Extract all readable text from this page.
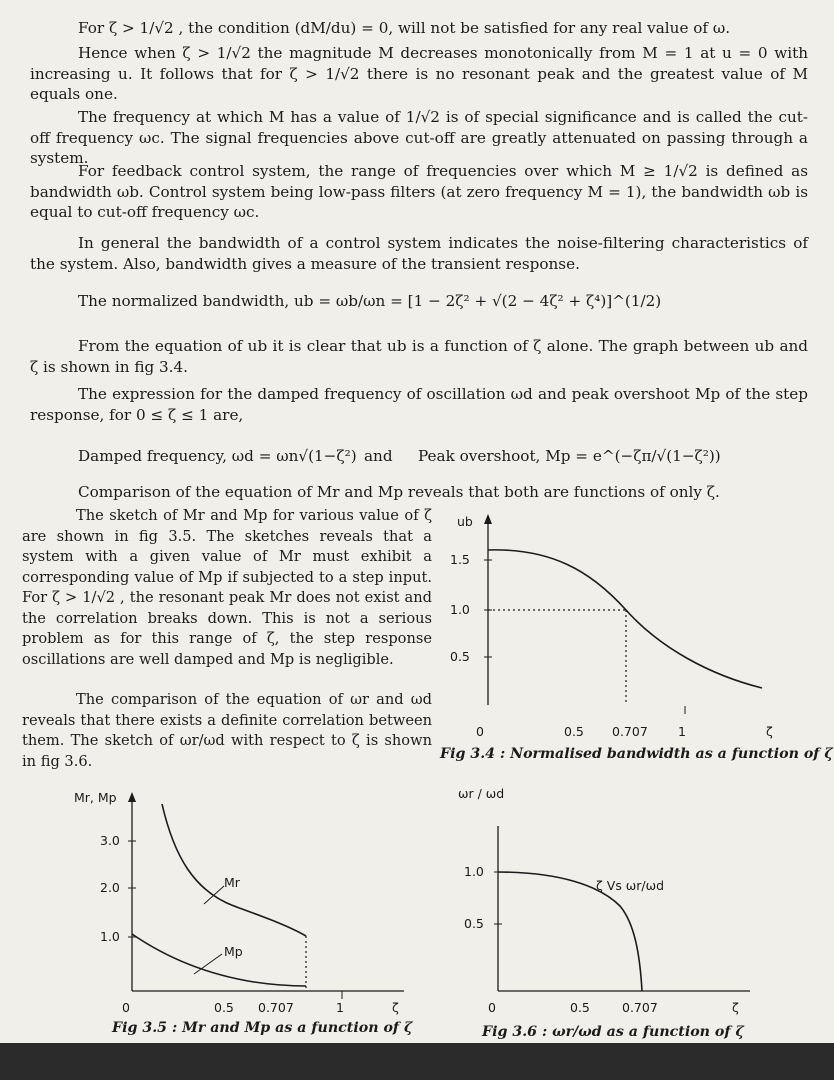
For ζ > 1/√2 , the condition (dM/du) = 0, will not be satisfied for any real value of ω.

Hence when ζ > 1/√2 the magnitude M decreases monotonically from M = 1 at u = 0 with increasing u. It follows that for ζ > 1/√2 there is no resonant peak and the greatest value of M equals one.

The frequency at which M has a value of 1/√2 is of special significance and is called the cut-off frequency ωc. The signal frequencies above cut-off are greatly attenuated on passing through a system.

For feedback control system, the range of frequencies over which M ≥ 1/√2 is defined as bandwidth ωb. Control system being low-pass filters (at zero frequency M = 1), the bandwidth ωb is equal to cut-off frequency ωc.

In general the bandwidth of a control system indicates the noise-filtering characteristics of the system. Also, bandwidth gives a measure of the transient response.

The normalized bandwidth, ub = ωb/ωn = [1 − 2ζ² + √(2 − 4ζ² + ζ⁴)]^(1/2)

From the equation of ub it is clear that ub is a function of ζ alone. The graph between ub and ζ is shown in fig 3.4.

The expression for the damped frequency of oscillation ωd and peak overshoot Mp of the step response, for 0 ≤ ζ ≤ 1 are,

Damped frequency, ωd = ωn√(1−ζ²) and Peak overshoot, Mp = e^(−ζπ/√(1−ζ²))

Comparison of the equation of Mr and Mp reveals that both are functions of only ζ.

The sketch of Mr and Mp for various value of ζ are shown in fig 3.5. The sketches reveals that a system with a given value of Mr must exhibit a corresponding value of Mp if subjected to a step input. For ζ > 1/√2 , the resonant peak Mr does not exist and the correlation breaks down. This is not a serious problem as for this range of ζ, the step response oscillations are well damped and Mp is negligible.

The comparison of the equation of ωr and ωd reveals that there exists a definite correlation between them. The sketch of ωr/ωd with respect to ζ is shown in fig 3.6.

1.5
1.0
0.5
ub
0	0.5 0.707 1	ζ
Fig 3.4 : Normalised bandwidth as a function of ζ
Mr, Mp
3.0
2.0
1.0
Mr
Mp
0	0.5 0.707	1	ζ
Fig 3.5 : Mr and Mp as a function of ζ
ωr / ωd
1.0
0.5
ζ Vs ωr/ωd
0	0.5	0.707	ζ
Fig 3.6 : ωr/ωd as a function of ζ
